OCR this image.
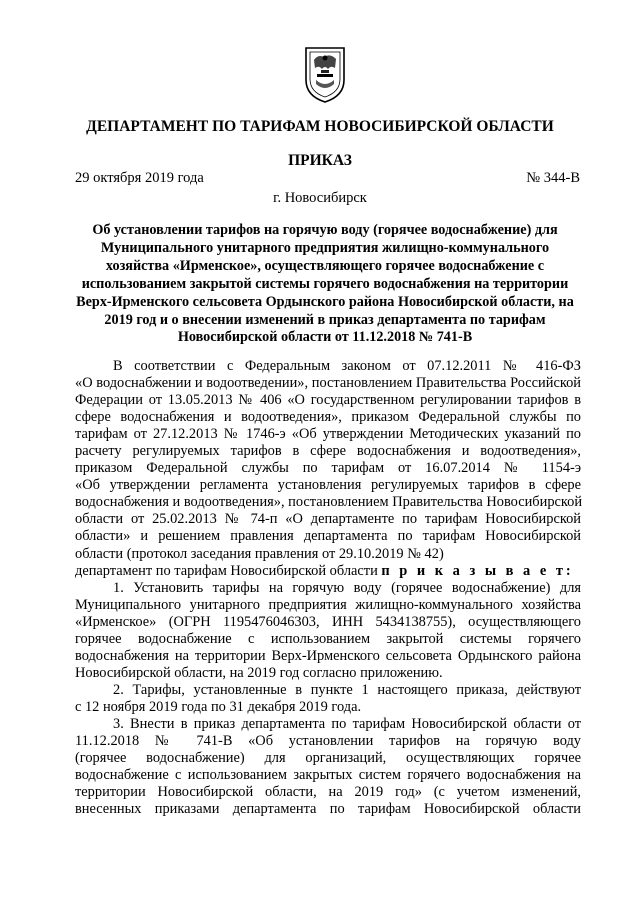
ДЕПАРТАМЕНТ ПО ТАРИФАМ НОВОСИБИРСКОЙ ОБЛАСТИ
ПРИКАЗ
29 октября 2019 года	№ 344-В
г. Новосибирск
Об установлении тарифов на горячую воду (горячее водоснабжение) для
Муниципального унитарного предприятия жилищно-коммунального
хозяйства «Ирменское», осуществляющего горячее водоснабжение с
использованием закрытой системы горячего водоснабжения на территории
Верх-Ирменского сельсовета Ордынского района Новосибирской области, на
2019 год и о внесении изменений в приказ департамента по тарифам
Новосибирской области от 11.12.2018 № 741-В
В соответствии с Федеральным законом от 07.12.2011 № 416-ФЗ
«О водоснабжении и водоотведении», постановлением Правительства Российской
Федерации от 13.05.2013 № 406 «О государственном регулировании тарифов в
сфере водоснабжения и водоотведения», приказом Федеральной службы по
тарифам от 27.12.2013 № 1746-э «Об утверждении Методических указаний по
расчету регулируемых тарифов в сфере водоснабжения и водоотведения»,
приказом Федеральной службы по тарифам от 16.07.2014 № 1154-э
«Об утверждении регламента установления регулируемых тарифов в сфере
водоснабжения и водоотведения», постановлением Правительства Новосибирской
области от 25.02.2013 № 74-п «О департаменте по тарифам Новосибирской
области» и решением правления департамента по тарифам Новосибирской
области (протокол заседания правления от 29.10.2019 № 42)
департамент по тарифам Новосибирской области п р и к а з ы в а е т:
1. Установить тарифы на горячую воду (горячее водоснабжение) для
Муниципального унитарного предприятия жилищно-коммунального хозяйства
«Ирменское» (ОГРН 1195476046303, ИНН 5434138755), осуществляющего
горячее водоснабжение с использованием закрытой системы горячего
водоснабжения на территории Верх-Ирменского сельсовета Ордынского района
Новосибирской области, на 2019 год согласно приложению.
2. Тарифы, установленные в пункте 1 настоящего приказа, действуют
с 12 ноября 2019 года по 31 декабря 2019 года.
3. Внести в приказ департамента по тарифам Новосибирской области от
11.12.2018 № 741-В «Об установлении тарифов на горячую воду
(горячее водоснабжение) для организаций, осуществляющих горячее
водоснабжение с использованием закрытых систем горячего водоснабжения на
территории Новосибирской области, на 2019 год» (с учетом изменений,
внесенных приказами департамента по тарифам Новосибирской области
